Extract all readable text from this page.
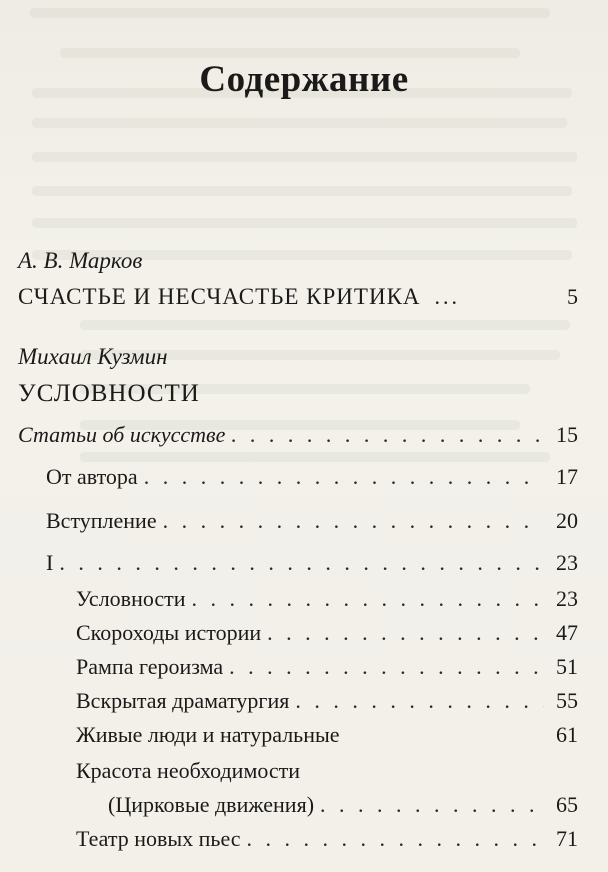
Содержание
А. В. Марков
СЧАСТЬЕ И НЕСЧАСТЬЕ КРИТИКА ...	5
Михаил Кузмин
УСЛОВНОСТИ
Статьи об искусстве . . .	15
От автора . . .	17
Вступление . . .	20
I . . .	23
Условности . . .	23
Скороходы истории . . .	47
Рампа героизма . . .	51
Вскрытая драматургия . . .	55
Живые люди и натуральные	61
Красота необходимости
(Цирковые движения) . . .	65
Театр новых пьес . . .	71
